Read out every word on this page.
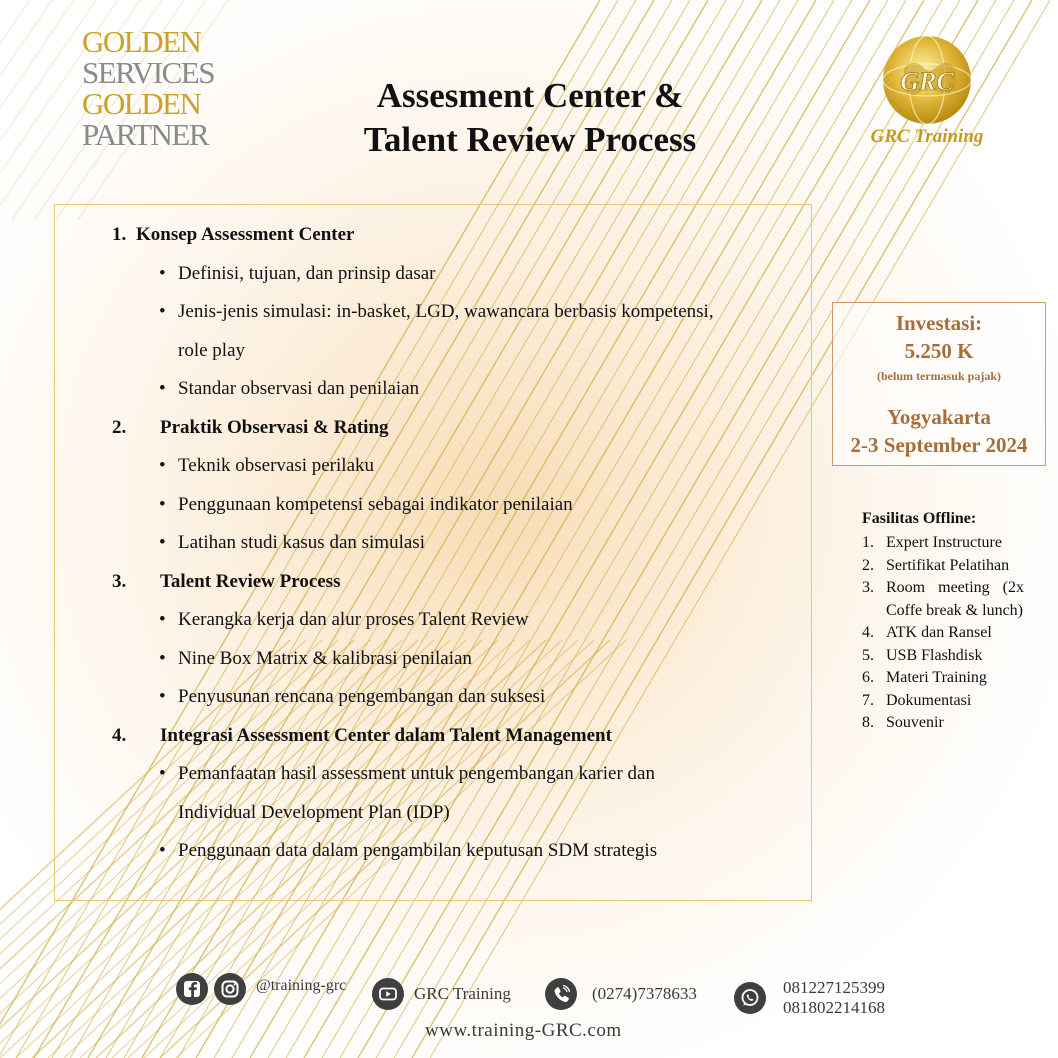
GOLDEN
SERVICES
GOLDEN
PARTNER
Assesment Center &
Talent Review Process
GRC
GRC Training
1. Konsep Assessment Center
• Definisi, tujuan, dan prinsip dasar
• Jenis-jenis simulasi: in-basket, LGD, wawancara berbasis kompetensi,
role play
• Standar observasi dan penilaian
2. Praktik Observasi & Rating
• Teknik observasi perilaku
• Penggunaan kompetensi sebagai indikator penilaian
• Latihan studi kasus dan simulasi
3. Talent Review Process
• Kerangka kerja dan alur proses Talent Review
• Nine Box Matrix & kalibrasi penilaian
• Penyusunan rencana pengembangan dan suksesi
4. Integrasi Assessment Center dalam Talent Management
• Pemanfaatan hasil assessment untuk pengembangan karier dan
Individual Development Plan (IDP)
• Penggunaan data dalam pengambilan keputusan SDM strategis
Investasi:
5.250 K
(belum termasuk pajak)
Yogyakarta
2-3 September 2024
Fasilitas Offline:
1. Expert Instructure
2. Sertifikat Pelatihan
3. Room meeting (2x Coffe break & lunch)
4. ATK dan Ransel
5. USB Flashdisk
6. Materi Training
7. Dokumentasi
8. Souvenir
@training-grc	GRC Training	(0274)7378633	081227125399
081802214168
www.training-GRC.com
